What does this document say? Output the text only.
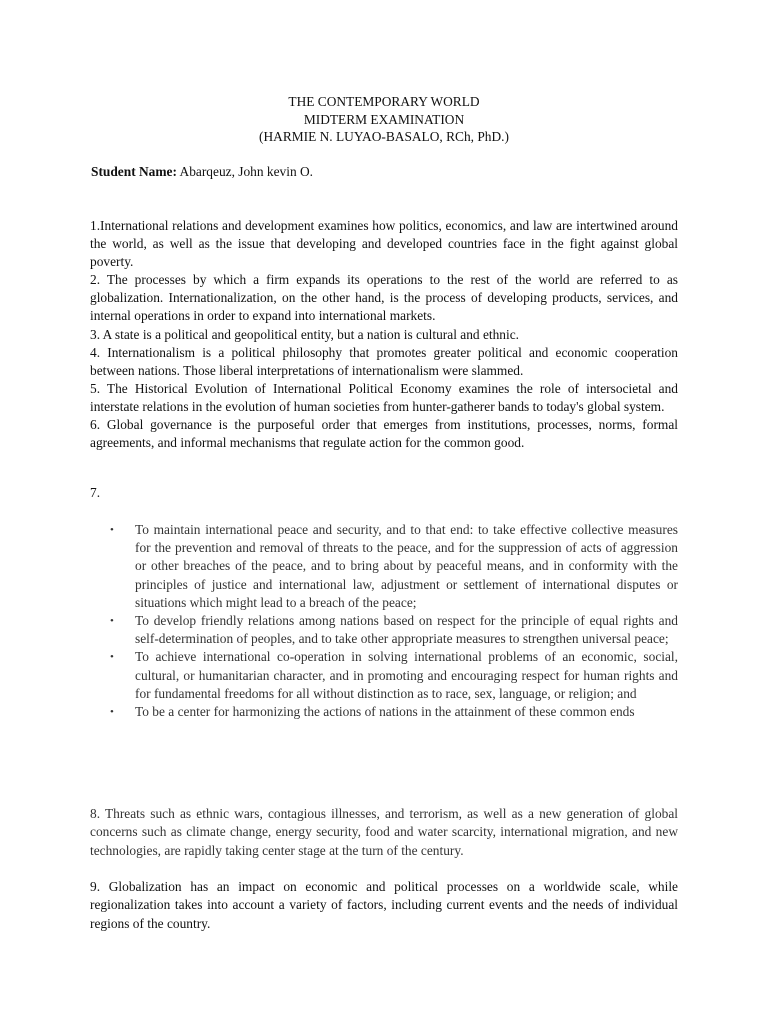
THE CONTEMPORARY WORLD
MIDTERM EXAMINATION
(HARMIE N. LUYAO-BASALO, RCh, PhD.)
Student Name: Abarqeuz, John kevin O.

1.International relations and development examines how politics, economics, and law are intertwined around the world, as well as the issue that developing and developed countries face in the fight against global poverty.

2. The processes by which a firm expands its operations to the rest of the world are referred to as globalization. Internationalization, on the other hand, is the process of developing products, services, and internal operations in order to expand into international markets.

3. A state is a political and geopolitical entity, but a nation is cultural and ethnic.

4. Internationalism is a political philosophy that promotes greater political and economic cooperation between nations. Those liberal interpretations of internationalism were slammed.

5. The Historical Evolution of International Political Economy examines the role of intersocietal and interstate relations in the evolution of human societies from hunter-gatherer bands to today's global system.

6. Global governance is the purposeful order that emerges from institutions, processes, norms, formal agreements, and informal mechanisms that regulate action for the common good.

7.
• To maintain international peace and security, and to that end: to take effective collective measures for the prevention and removal of threats to the peace, and for the suppression of acts of aggression or other breaches of the peace, and to bring about by peaceful means, and in conformity with the principles of justice and international law, adjustment or settlement of international disputes or situations which might lead to a breach of the peace;
• To develop friendly relations among nations based on respect for the principle of equal rights and self-determination of peoples, and to take other appropriate measures to strengthen universal peace;
• To achieve international co-operation in solving international problems of an economic, social, cultural, or humanitarian character, and in promoting and encouraging respect for human rights and for fundamental freedoms for all without distinction as to race, sex, language, or religion; and
• To be a center for harmonizing the actions of nations in the attainment of these common ends

8. Threats such as ethnic wars, contagious illnesses, and terrorism, as well as a new generation of global concerns such as climate change, energy security, food and water scarcity, international migration, and new technologies, are rapidly taking center stage at the turn of the century.

9. Globalization has an impact on economic and political processes on a worldwide scale, while regionalization takes into account a variety of factors, including current events and the needs of individual regions of the country.
